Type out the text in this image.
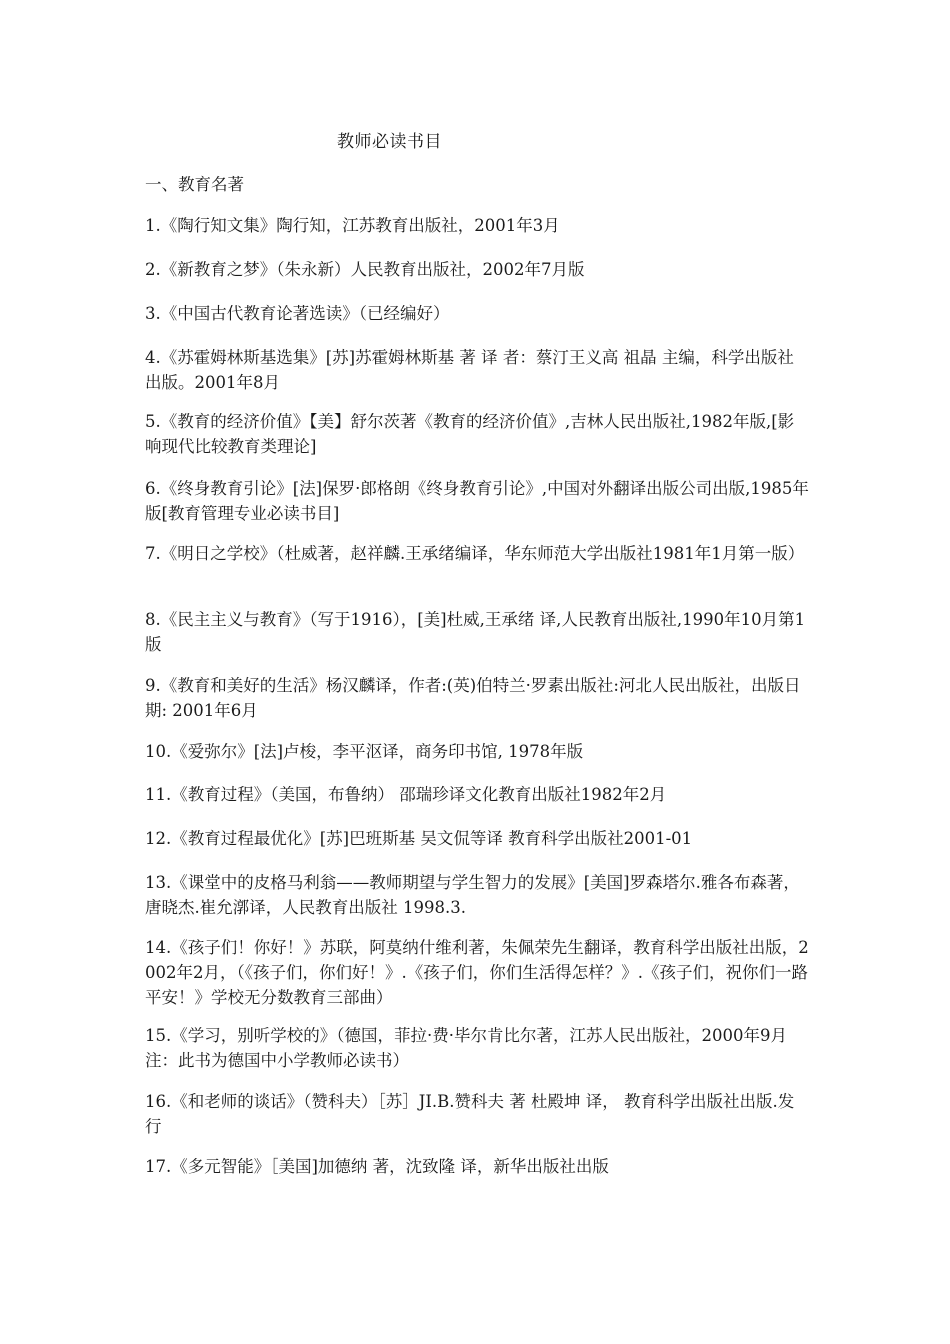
教师必读书目
一、教育名著
1.《陶行知文集》陶行知，江苏教育出版社，2001年3月
2.《新教育之梦》（朱永新）人民教育出版社，2002年7月版
3.《中国古代教育论著选读》（已经编好）
4.《苏霍姆林斯基选集》[苏]苏霍姆林斯基 著 译 者：蔡汀王义高 祖晶 主编，科学出版社出版。2001年8月
5.《教育的经济价值》【美】舒尔茨著《教育的经济价值》,吉林人民出版社,1982年版,[影响现代比较教育类理论]
6.《终身教育引论》[法]保罗·郎格朗《终身教育引论》,中国对外翻译出版公司出版,1985年版[教育管理专业必读书目]
7.《明日之学校》（杜威著，赵祥麟.王承绪编译，华东师范大学出版社1981年1月第一版）
8.《民主主义与教育》（写于1916），[美]杜威,王承绪 译,人民教育出版社,1990年10月第1版
9.《教育和美好的生活》杨汉麟译，作者:(英)伯特兰·罗素出版社:河北人民出版社，出版日期: 2001年6月
10.《爱弥尔》[法]卢梭，李平沤译，商务印书馆, 1978年版
11.《教育过程》（美国，布鲁纳） 邵瑞珍译文化教育出版社1982年2月
12.《教育过程最优化》[苏]巴班斯基 吴文侃等译 教育科学出版社2001-01
13.《课堂中的皮格马利翁——教师期望与学生智力的发展》[美国]罗森塔尔.雅各布森著，唐晓杰.崔允漷译，人民教育出版社 1998.3.
14.《孩子们！你好！》苏联，阿莫纳什维利著，朱佩荣先生翻译，教育科学出版社出版，2002年2月，（《孩子们，你们好！》.《孩子们，你们生活得怎样？》.《孩子们，祝你们一路平安！》学校无分数教育三部曲）
15.《学习，别听学校的》（德国，菲拉·费·毕尔肯比尔著，江苏人民出版社，2000年9月注：此书为德国中小学教师必读书）
16.《和老师的谈话》（赞科夫）［苏］JI.B.赞科夫 著 杜殿坤 译， 教育科学出版社出版.发行
17.《多元智能》［美国]加德纳 著，沈致隆 译，新华出版社出版
